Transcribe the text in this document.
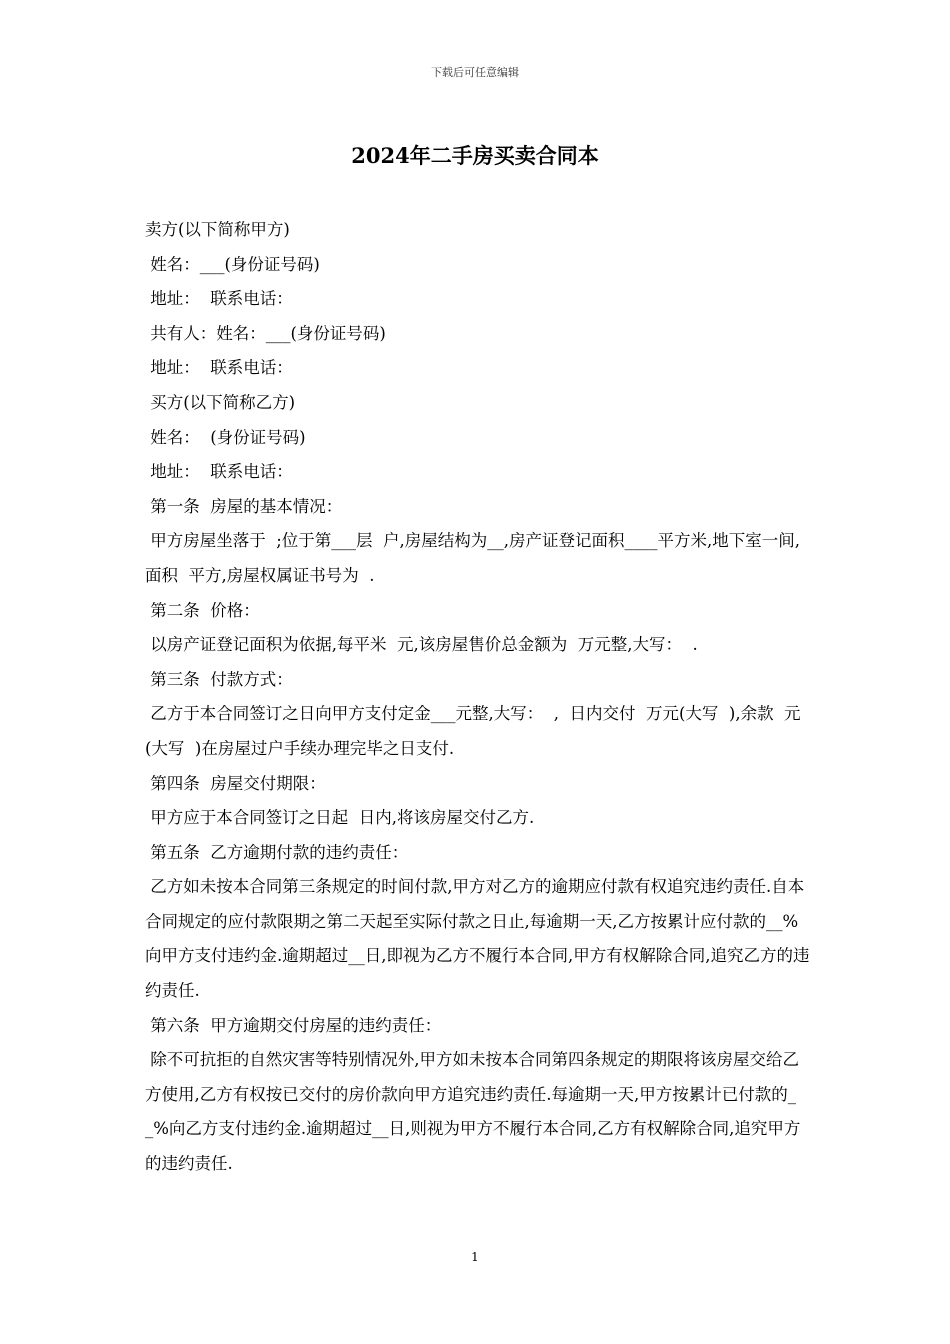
下载后可任意编辑
2024年二手房买卖合同本

卖方(以下简称甲方)

姓名：___(身份证号码)

地址：  联系电话：

共有人：姓名：___(身份证号码)

地址：  联系电话：

买方(以下简称乙方)

姓名：  (身份证号码)

地址：  联系电话：

第一条  房屋的基本情况：

甲方房屋坐落于  ;位于第___层  户,房屋结构为__,房产证登记面积____平方米,地下室一间,面积  平方,房屋权属证书号为  .

第二条  价格：

以房产证登记面积为依据,每平米  元,该房屋售价总金额为  万元整,大写：  .

第三条  付款方式：

乙方于本合同签订之日向甲方支付定金___元整,大写：  ,  日内交付  万元(大写  ),余款  元(大写  )在房屋过户手续办理完毕之日支付.

第四条  房屋交付期限：

甲方应于本合同签订之日起  日内,将该房屋交付乙方.

第五条  乙方逾期付款的违约责任：

乙方如未按本合同第三条规定的时间付款,甲方对乙方的逾期应付款有权追究违约责任.自本合同规定的应付款限期之第二天起至实际付款之日止,每逾期一天,乙方按累计应付款的__%向甲方支付违约金.逾期超过__日,即视为乙方不履行本合同,甲方有权解除合同,追究乙方的违约责任.

第六条  甲方逾期交付房屋的违约责任：

除不可抗拒的自然灾害等特别情况外,甲方如未按本合同第四条规定的期限将该房屋交给乙方使用,乙方有权按已交付的房价款向甲方追究违约责任.每逾期一天,甲方按累计已付款的__%向乙方支付违约金.逾期超过__日,则视为甲方不履行本合同,乙方有权解除合同,追究甲方的违约责任.

1
